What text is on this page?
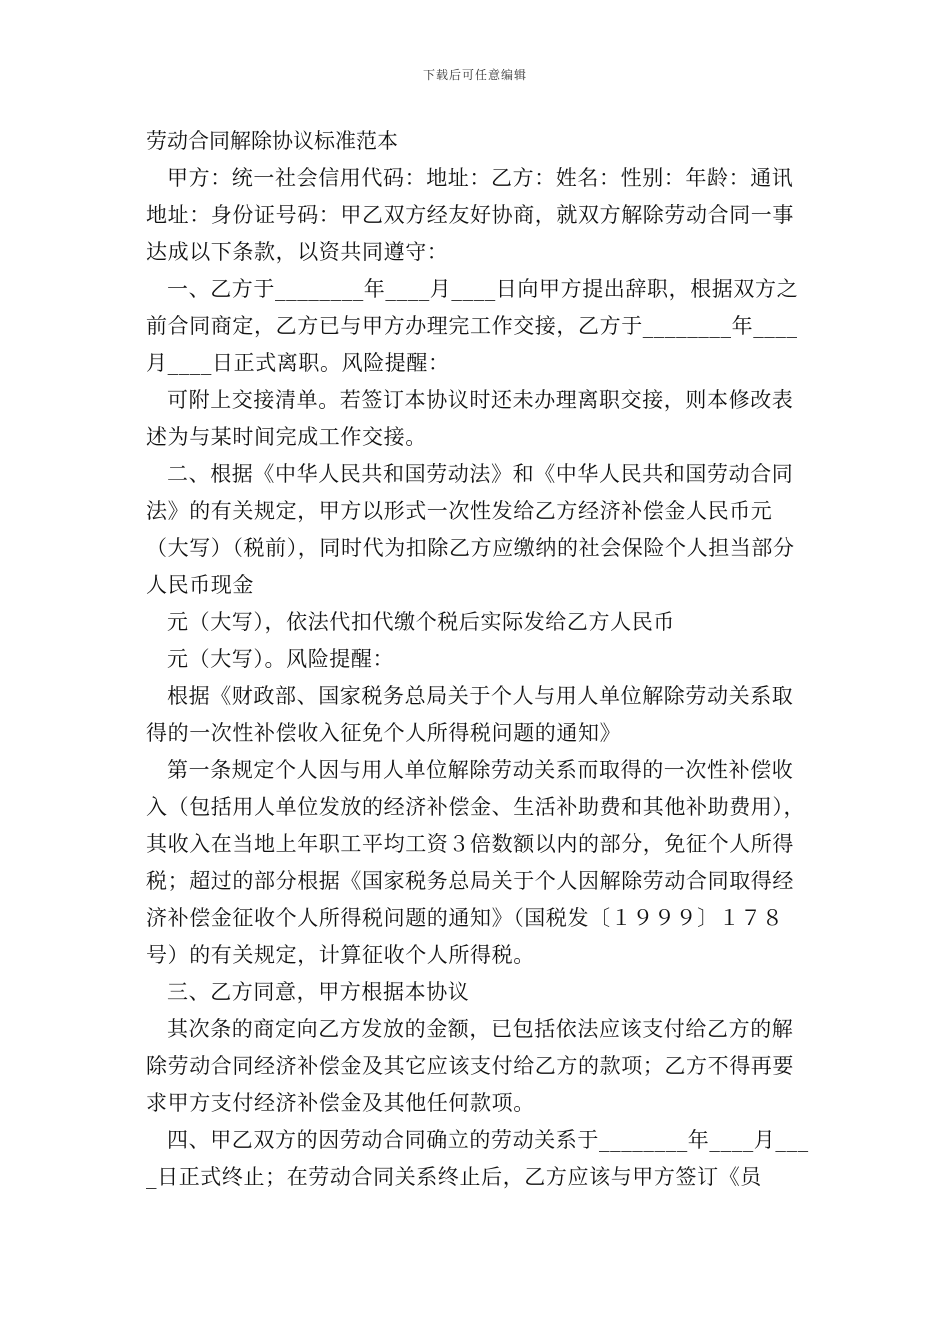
下载后可任意编辑
劳动合同解除协议标准范本

甲方：统一社会信用代码：地址：乙方：姓名：性别：年龄：通讯地址：身份证号码：甲乙双方经友好协商，就双方解除劳动合同一事达成以下条款，以资共同遵守：

一、乙方于________年____月____日向甲方提出辞职，根据双方之前合同商定，乙方已与甲方办理完工作交接，乙方于________年____月____日正式离职。风险提醒：

可附上交接清单。若签订本协议时还未办理离职交接，则本修改表述为与某时间完成工作交接。

二、根据《中华人民共和国劳动法》和《中华人民共和国劳动合同法》的有关规定，甲方以形式一次性发给乙方经济补偿金人民币元（大写）（税前），同时代为扣除乙方应缴纳的社会保险个人担当部分人民币现金

元（大写），依法代扣代缴个税后实际发给乙方人民币

元（大写）。风险提醒：

根据《财政部、国家税务总局关于个人与用人单位解除劳动关系取得的一次性补偿收入征免个人所得税问题的通知》

第一条规定个人因与用人单位解除劳动关系而取得的一次性补偿收入（包括用人单位发放的经济补偿金、生活补助费和其他补助费用），其收入在当地上年职工平均工资３倍数额以内的部分，免征个人所得税；超过的部分根据《国家税务总局关于个人因解除劳动合同取得经济补偿金征收个人所得税问题的通知》（国税发〔１９９９〕１７８号）的有关规定，计算征收个人所得税。

三、乙方同意，甲方根据本协议

其次条的商定向乙方发放的金额，已包括依法应该支付给乙方的解除劳动合同经济补偿金及其它应该支付给乙方的款项；乙方不得再要求甲方支付经济补偿金及其他任何款项。

四、甲乙双方的因劳动合同确立的劳动关系于________年____月____日正式终止；在劳动合同关系终止后，乙方应该与甲方签订《员
